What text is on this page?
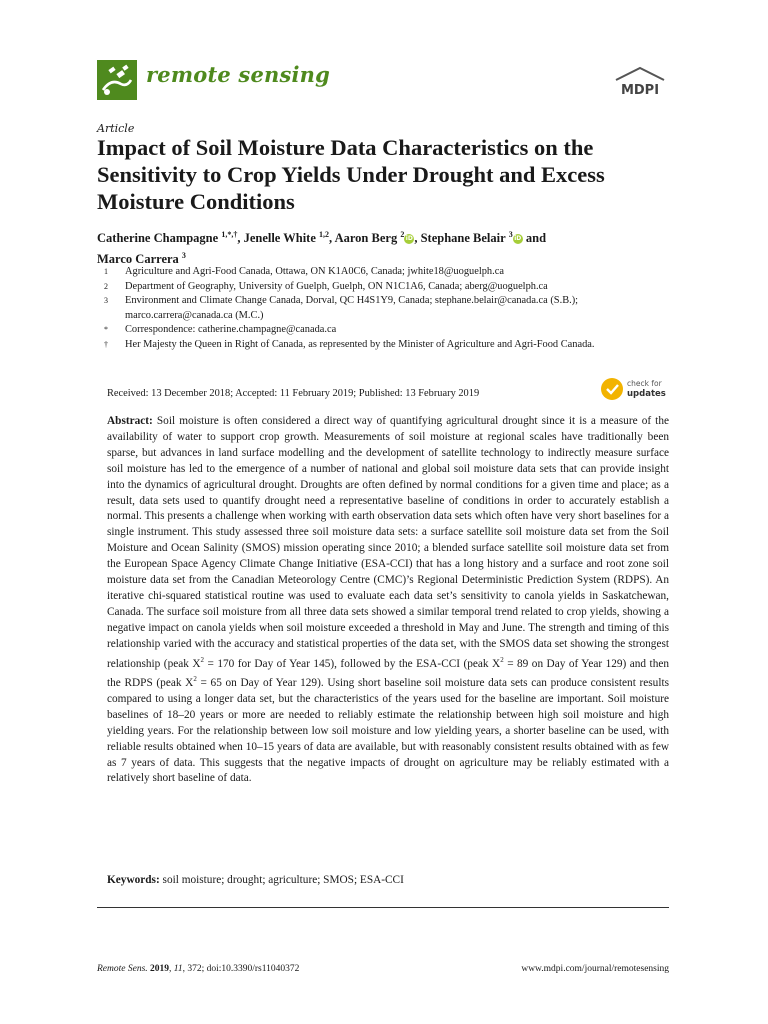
remote sensing
MDPI
Article
Impact of Soil Moisture Data Characteristics on the Sensitivity to Crop Yields Under Drought and Excess Moisture Conditions
Catherine Champagne $^{1,*,\dagger}$, Jenelle White $^{1,2}$, Aaron Berg $^2$iD, Stephane Belair $^3$iD and
Marco Carrera $^3$
1	Agriculture and Agri-Food Canada, Ottawa, ON K1A0C6, Canada; jwhite18@uoguelph.ca
2	Department of Geography, University of Guelph, Guelph, ON N1C1A6, Canada; aberg@uoguelph.ca
3	Environment and Climate Change Canada, Dorval, QC H4S1Y9, Canada; stephane.belair@canada.ca (S.B.); marco.carrera@canada.ca (M.C.)
*	Correspondence: catherine.champagne@canada.ca
†	Her Majesty the Queen in Right of Canada, as represented by the Minister of Agriculture and Agri-Food Canada.
Received: 13 December 2018; Accepted: 11 February 2019; Published: 13 February 2019
check for
updates

Abstract: Soil moisture is often considered a direct way of quantifying agricultural drought since it is a measure of the availability of water to support crop growth. Measurements of soil moisture at regional scales have traditionally been sparse, but advances in land surface modelling and the development of satellite technology to indirectly measure surface soil moisture has led to the emergence of a number of national and global soil moisture data sets that can provide insight into the dynamics of agricultural drought. Droughts are often defined by normal conditions for a given time and place; as a result, data sets used to quantify drought need a representative baseline of conditions in order to accurately establish a normal. This presents a challenge when working with earth observation data sets which often have very short baselines for a single instrument. This study assessed three soil moisture data sets: a surface satellite soil moisture data set from the Soil Moisture and Ocean Salinity (SMOS) mission operating since 2010; a blended surface satellite soil moisture data set from the European Space Agency Climate Change Initiative (ESA-CCI) that has a long history and a surface and root zone soil moisture data set from the Canadian Meteorology Centre (CMC)’s Regional Deterministic Prediction System (RDPS). An iterative chi-squared statistical routine was used to evaluate each data set’s sensitivity to canola yields in Saskatchewan, Canada. The surface soil moisture from all three data sets showed a similar temporal trend related to crop yields, showing a negative impact on canola yields when soil moisture exceeded a threshold in May and June. The strength and timing of this relationship varied with the accuracy and statistical properties of the data set, with the SMOS data set showing the strongest relationship (peak $X^2 = 170$ for Day of Year 145), followed by the ESA-CCI (peak $X^2 = 89$ on Day of Year 129) and then the RDPS (peak $X^2 = 65$ on Day of Year 129). Using short baseline soil moisture data sets can produce consistent results compared to using a longer data set, but the characteristics of the years used for the baseline are important. Soil moisture baselines of 18–20 years or more are needed to reliably estimate the relationship between high soil moisture and high yielding years. For the relationship between low soil moisture and low yielding years, a shorter baseline can be used, with reliable results obtained when 10–15 years of data are available, but with reasonably consistent results obtained with as few as 7 years of data. This suggests that the negative impacts of drought on agriculture may be reliably estimated with a relatively short baseline of data.

Keywords: soil moisture; drought; agriculture; SMOS; ESA-CCI
Remote Sens. 2019, 11, 372; doi:10.3390/rs11040372	www.mdpi.com/journal/remotesensing
